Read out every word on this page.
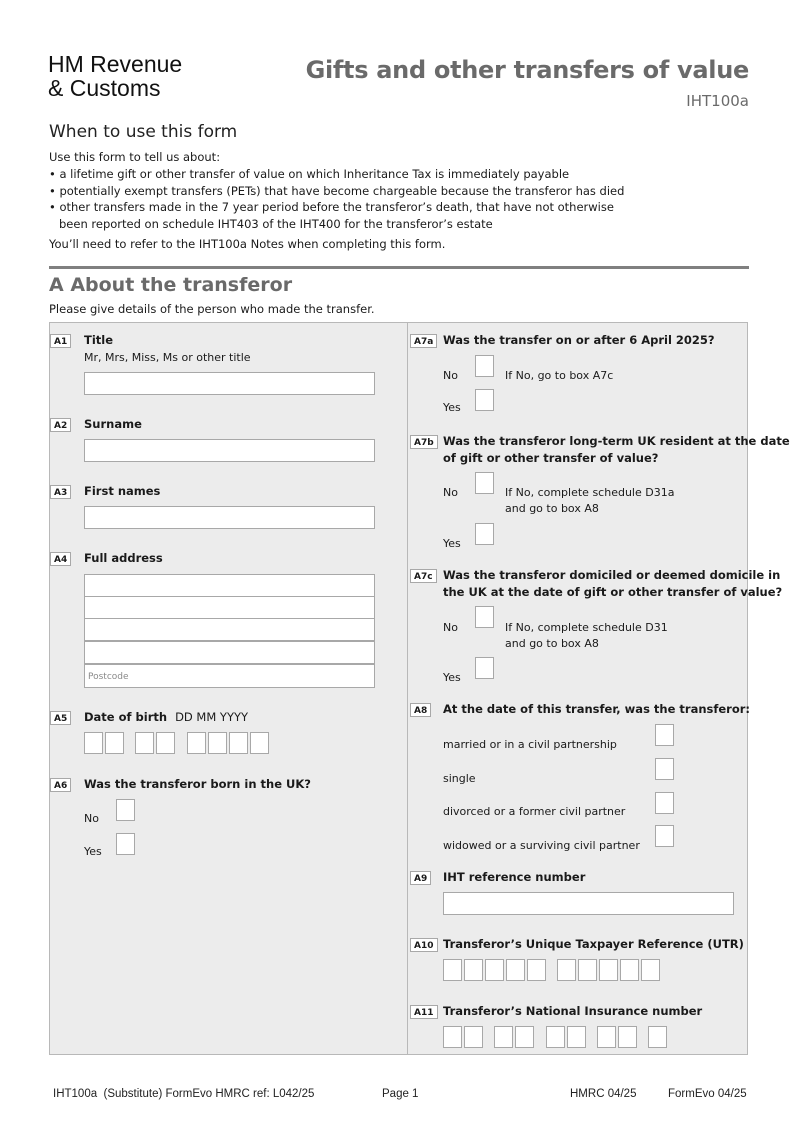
HM Revenue
& Customs
Gifts and other transfers of value
IHT100a
When to use this form
Use this form to tell us about:
• a lifetime gift or other transfer of value on which Inheritance Tax is immediately payable
• potentially exempt transfers (PETs) that have become chargeable because the transferor has died
• other transfers made in the 7 year period before the transferor’s death, that have not otherwise
been reported on schedule IHT403 of the IHT400 for the transferor’s estate
You’ll need to refer to the IHT100a Notes when completing this form.
A About the transferor
Please give details of the person who made the transfer.
A1	Title
Mr, Mrs, Miss, Ms or other title
A2	Surname
A3	First names
A4	Full address
Postcode
A5	Date of birth DD MM YYYY
A6	Was the transferor born in the UK?
No
Yes
A7a Was the transfer on or after 6 April 2025?
No	If No, go to box A7c
Yes
A7b Was the transferor long-term UK resident at the date
of gift or other transfer of value?
No	If No, complete schedule D31a
and go to box A8
Yes
A7c Was the transferor domiciled or deemed domicile in
the UK at the date of gift or other transfer of value?
No	If No, complete schedule D31
and go to box A8
Yes
A8	At the date of this transfer, was the transferor:
married or in a civil partnership
single
divorced or a former civil partner
widowed or a surviving civil partner
A9	IHT reference number
A10 Transferor’s Unique Taxpayer Reference (UTR)
A11 Transferor’s National Insurance number
IHT100a (Substitute) FormEvo HMRC ref: L042/25	Page 1	HMRC 04/25	FormEvo 04/25
